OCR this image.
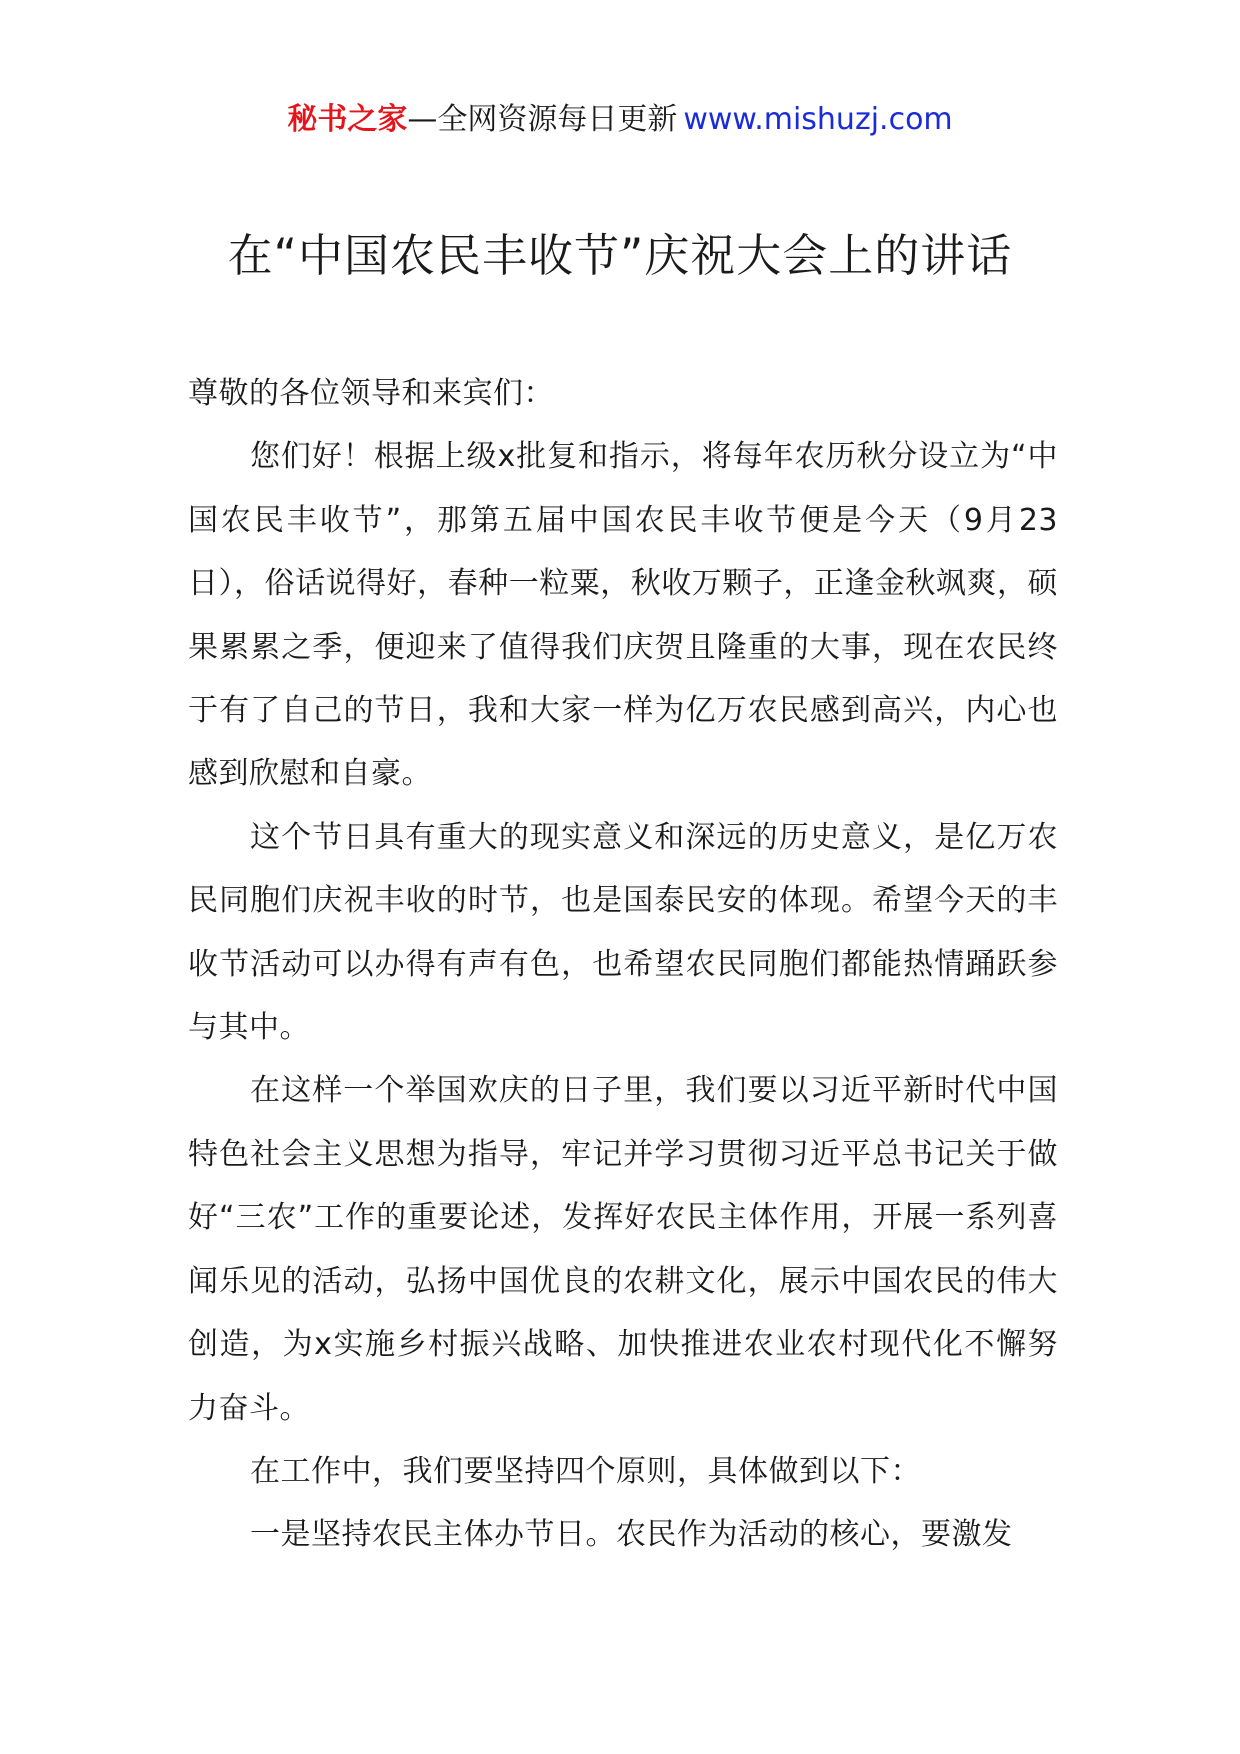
秘书之家—全网资源每日更新 www.mishuzj.com
在“中国农民丰收节”庆祝大会上的讲话

尊敬的各位领导和来宾们：

您们好！根据上级x批复和指示，将每年农历秋分设立为“中国农民丰收节”，那第五届中国农民丰收节便是今天（9月23日），俗话说得好，春种一粒粟，秋收万颗子，正逢金秋飒爽，硕果累累之季，便迎来了值得我们庆贺且隆重的大事，现在农民终于有了自己的节日，我和大家一样为亿万农民感到高兴，内心也感到欣慰和自豪。

这个节日具有重大的现实意义和深远的历史意义，是亿万农民同胞们庆祝丰收的时节，也是国泰民安的体现。希望今天的丰收节活动可以办得有声有色，也希望农民同胞们都能热情踊跃参与其中。

在这样一个举国欢庆的日子里，我们要以习近平新时代中国特色社会主义思想为指导，牢记并学习贯彻习近平总书记关于做好“三农”工作的重要论述，发挥好农民主体作用，开展一系列喜闻乐见的活动，弘扬中国优良的农耕文化，展示中国农民的伟大创造，为x实施乡村振兴战略、加快推进农业农村现代化不懈努力奋斗。

在工作中，我们要坚持四个原则，具体做到以下：

一是坚持农民主体办节日。农民作为活动的核心，要激发
